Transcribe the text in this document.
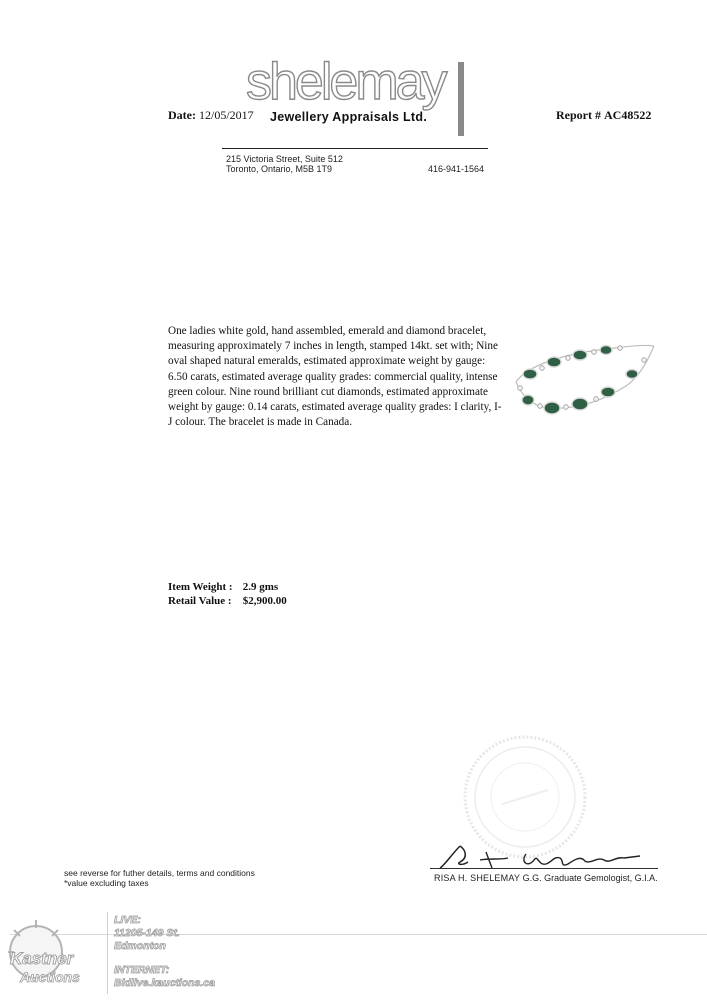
shelemay
Jewellery Appraisals Ltd.
Date: 12/05/2017	Report # AC48522
215 Victoria Street, Suite 512
Toronto, Ontario, M5B 1T9	416-941-1564
One ladies white gold, hand assembled, emerald and diamond bracelet, measuring approximately 7 inches in length, stamped 14kt. set with; Nine oval shaped natural emeralds, estimated approximate weight by gauge: 6.50 carats, estimated average quality grades: commercial quality, intense green colour. Nine round brilliant cut diamonds, estimated approximate weight by gauge: 0.14 carats, estimated average quality grades: I clarity, I-J colour. The bracelet is made in Canada.
Item Weight : 2.9 gms
Retail Value : $2,900.00
RISA H. SHELEMAY G.G. Graduate Gemologist, G.I.A.
see reverse for futher details, terms and conditions
*value excluding taxes
Kastner
Auctions
LIVE:
11205-149 St.
Edmonton
INTERNET:
Bidlive.kauctions.ca
